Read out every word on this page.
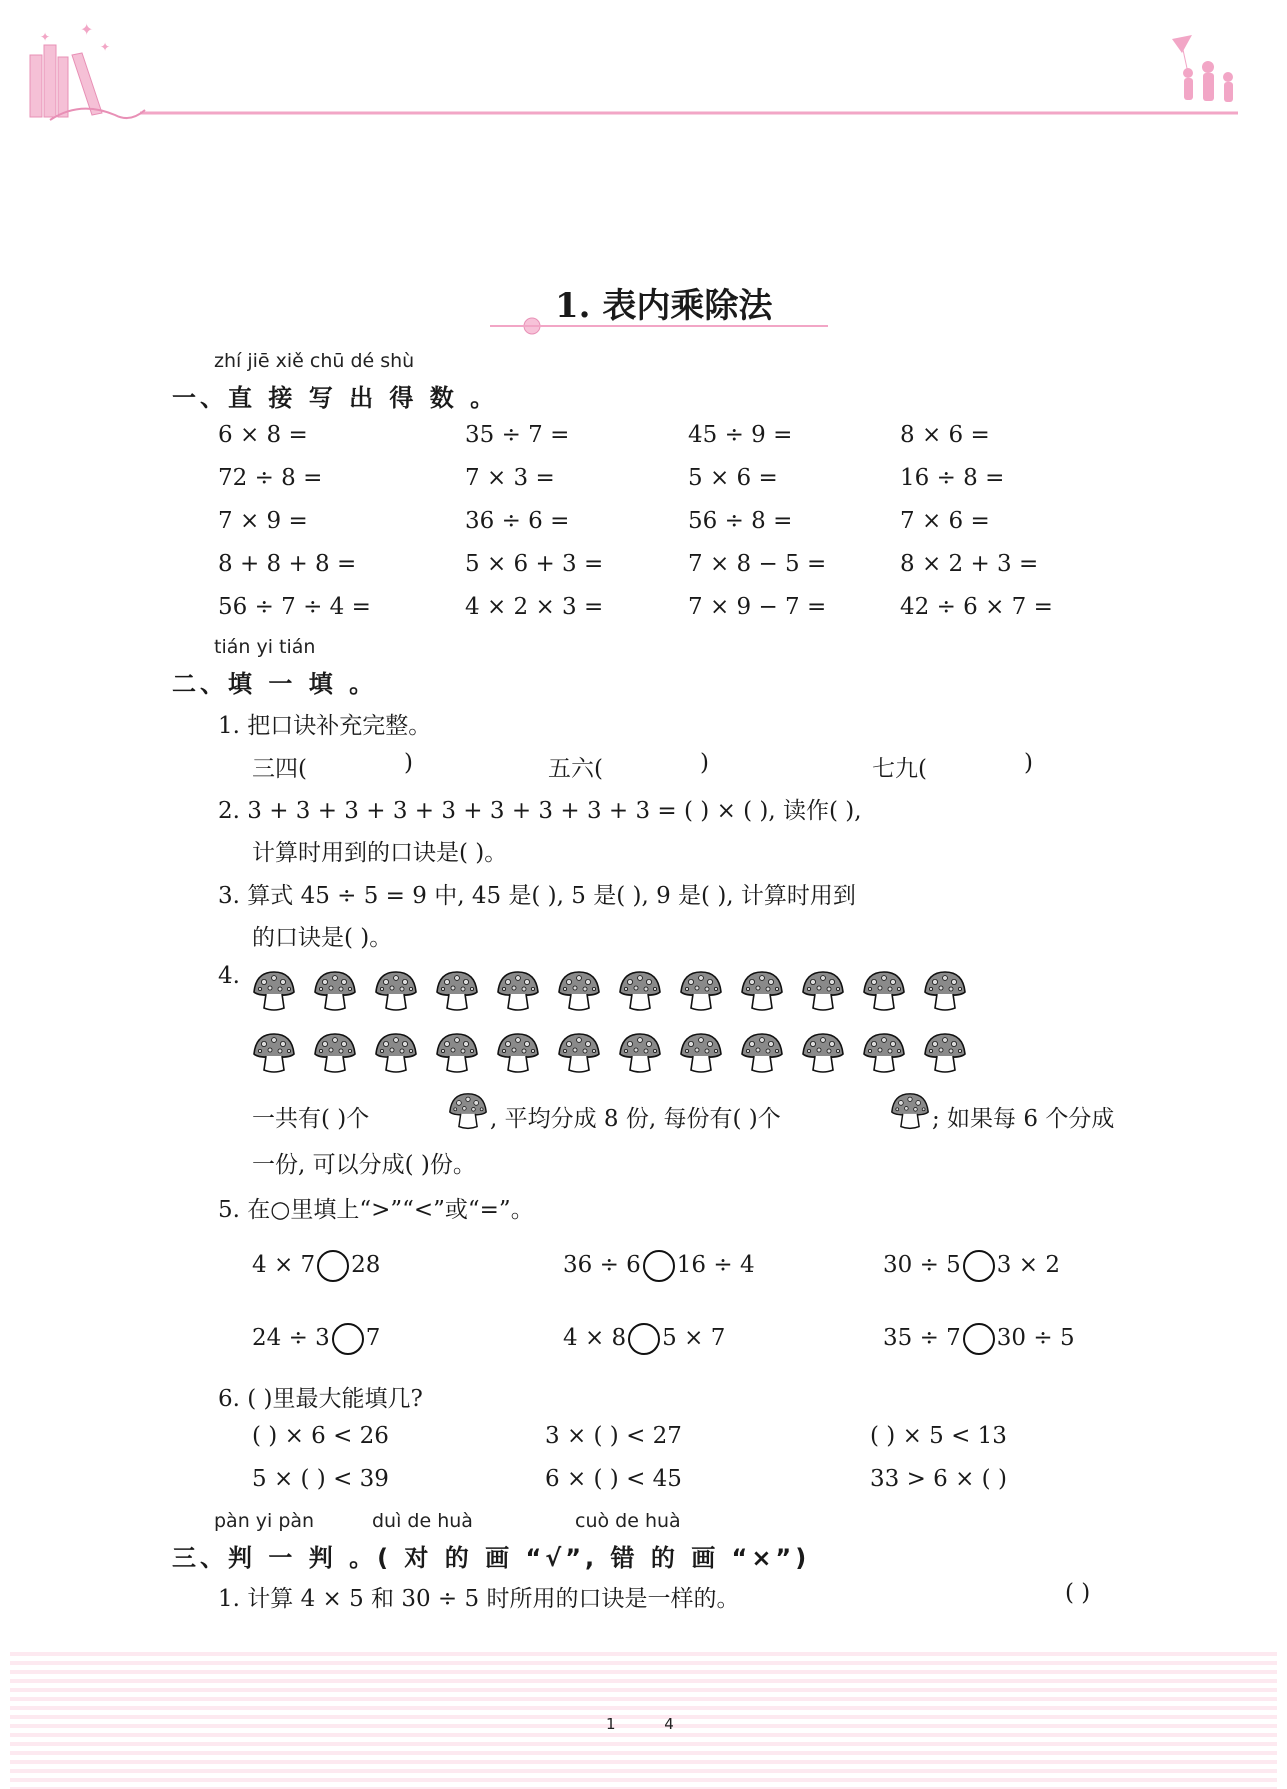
✦
✦
✦
1. 表内乘除法
zhí jiē xiě chū dé shù
一、直 接 写 出 得 数 。
6 × 8 =	35 ÷ 7 =	45 ÷ 9 =	8 × 6 =
72 ÷ 8 =	7 × 3 =	5 × 6 =	16 ÷ 8 =
7 × 9 =	36 ÷ 6 =	56 ÷ 8 =	7 × 6 =
8 + 8 + 8 =	5 × 6 + 3 =	7 × 8 − 5 =	8 × 2 + 3 =
56 ÷ 7 ÷ 4 =	4 × 2 × 3 =	7 × 9 − 7 =	42 ÷ 6 × 7 =
tián yi tián
二、填 一 填 。
1. 把口诀补充完整。
三四(	)	五六(	)	七九(	)
2. 3 + 3 + 3 + 3 + 3 + 3 + 3 + 3 + 3 = ( ) × ( ), 读作( ),
计算时用到的口诀是( )。
3. 算式 45 ÷ 5 = 9 中, 45 是( ), 5 是( ), 9 是( ), 计算时用到
的口诀是( )。
4.
一共有( )个	, 平均分成 8 份, 每份有( )个	; 如果每 6 个分成
一份, 可以分成( )份。
5. 在○里填上“>”“<”或“=”。
4 × 7 28	36 ÷ 6 16 ÷ 4	30 ÷ 5 3 × 2
24 ÷ 3 7	4 × 8 5 × 7	35 ÷ 7 30 ÷ 5
6. ( )里最大能填几?
( ) × 6 < 26	3 × ( ) < 27	( ) × 5 < 13
5 × ( ) < 39	6 × ( ) < 45	33 > 6 × ( )
pàn yi pàn	duì de huà	cuò de huà
三、判 一 判 。( 对 的 画 “√”, 错 的 画 “×”)
1. 计算 4 × 5 和 30 ÷ 5 时所用的口诀是一样的。	( )
1 4
